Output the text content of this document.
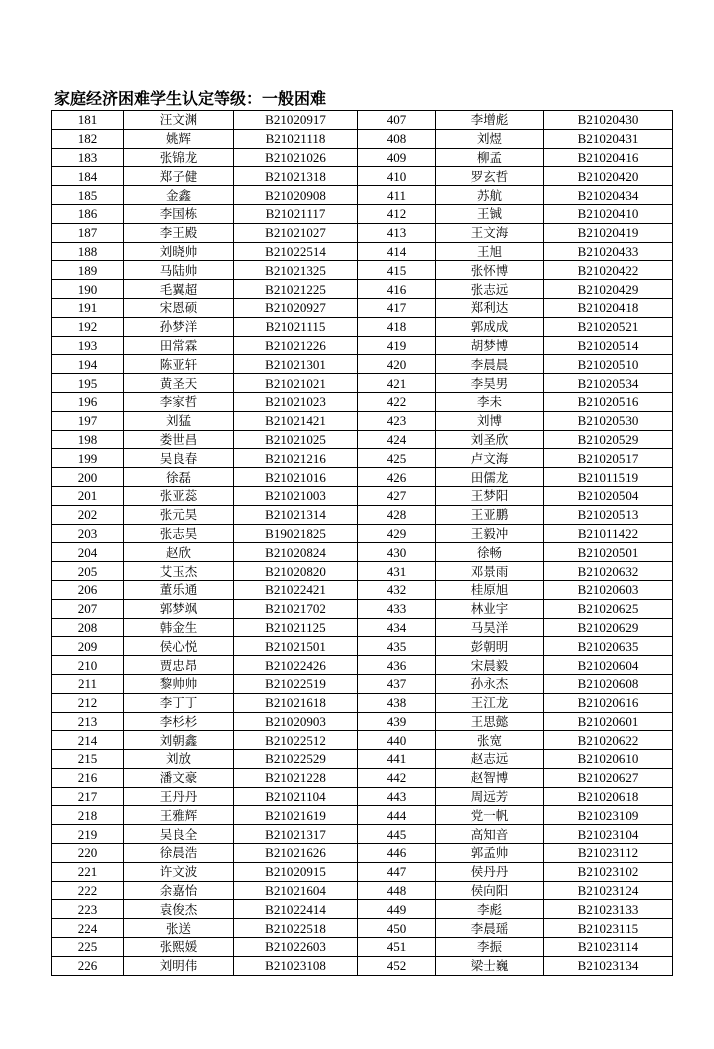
家庭经济困难学生认定等级：一般困难
181	汪文渊	B21020917	407	李增彪	B21020430
182	姚辉	B21021118	408	刘煜	B21020431
183	张锦龙	B21021026	409	柳孟	B21020416
184	郑子健	B21021318	410	罗玄哲	B21020420
185	金鑫	B21020908	411	苏航	B21020434
186	李国栋	B21021117	412	王铖	B21020410
187	李王殿	B21021027	413	王文海	B21020419
188	刘晓帅	B21022514	414	王旭	B21020433
189	马陆帅	B21021325	415	张怀博	B21020422
190	毛翼超	B21021225	416	张志远	B21020429
191	宋恩硕	B21020927	417	郑利达	B21020418
192	孙梦洋	B21021115	418	郭成成	B21020521
193	田常霖	B21021226	419	胡梦博	B21020514
194	陈亚轩	B21021301	420	李晨晨	B21020510
195	黄圣天	B21021021	421	李昊男	B21020534
196	李家哲	B21021023	422	李未	B21020516
197	刘猛	B21021421	423	刘博	B21020530
198	娄世昌	B21021025	424	刘圣欣	B21020529
199	吴良春	B21021216	425	卢文海	B21020517
200	徐磊	B21021016	426	田儒龙	B21011519
201	张亚蕊	B21021003	427	王梦阳	B21020504
202	张元昊	B21021314	428	王亚鹏	B21020513
203	张志昊	B19021825	429	王毅冲	B21011422
204	赵欣	B21020824	430	徐畅	B21020501
205	艾玉杰	B21020820	431	邓景雨	B21020632
206	董乐通	B21022421	432	桂原旭	B21020603
207	郭梦飒	B21021702	433	林业宇	B21020625
208	韩金生	B21021125	434	马昊洋	B21020629
209	侯心悦	B21021501	435	彭朝明	B21020635
210	贾忠昂	B21022426	436	宋晨毅	B21020604
211	黎帅帅	B21022519	437	孙永杰	B21020608
212	李丁丁	B21021618	438	王江龙	B21020616
213	李杉杉	B21020903	439	王思懿	B21020601
214	刘朝鑫	B21022512	440	张宽	B21020622
215	刘放	B21022529	441	赵志远	B21020610
216	潘文豪	B21021228	442	赵智博	B21020627
217	王丹丹	B21021104	443	周远芳	B21020618
218	王雅辉	B21021619	444	党一帆	B21023109
219	吴良全	B21021317	445	高知音	B21023104
220	徐晨浩	B21021626	446	郭孟帅	B21023112
221	许文波	B21020915	447	侯丹丹	B21023102
222	余嘉怡	B21021604	448	侯向阳	B21023124
223	袁俊杰	B21022414	449	李彪	B21023133
224	张送	B21022518	450	李晨瑶	B21023115
225	张熙媛	B21022603	451	李振	B21023114
226	刘明伟	B21023108	452	梁士巍	B21023134
